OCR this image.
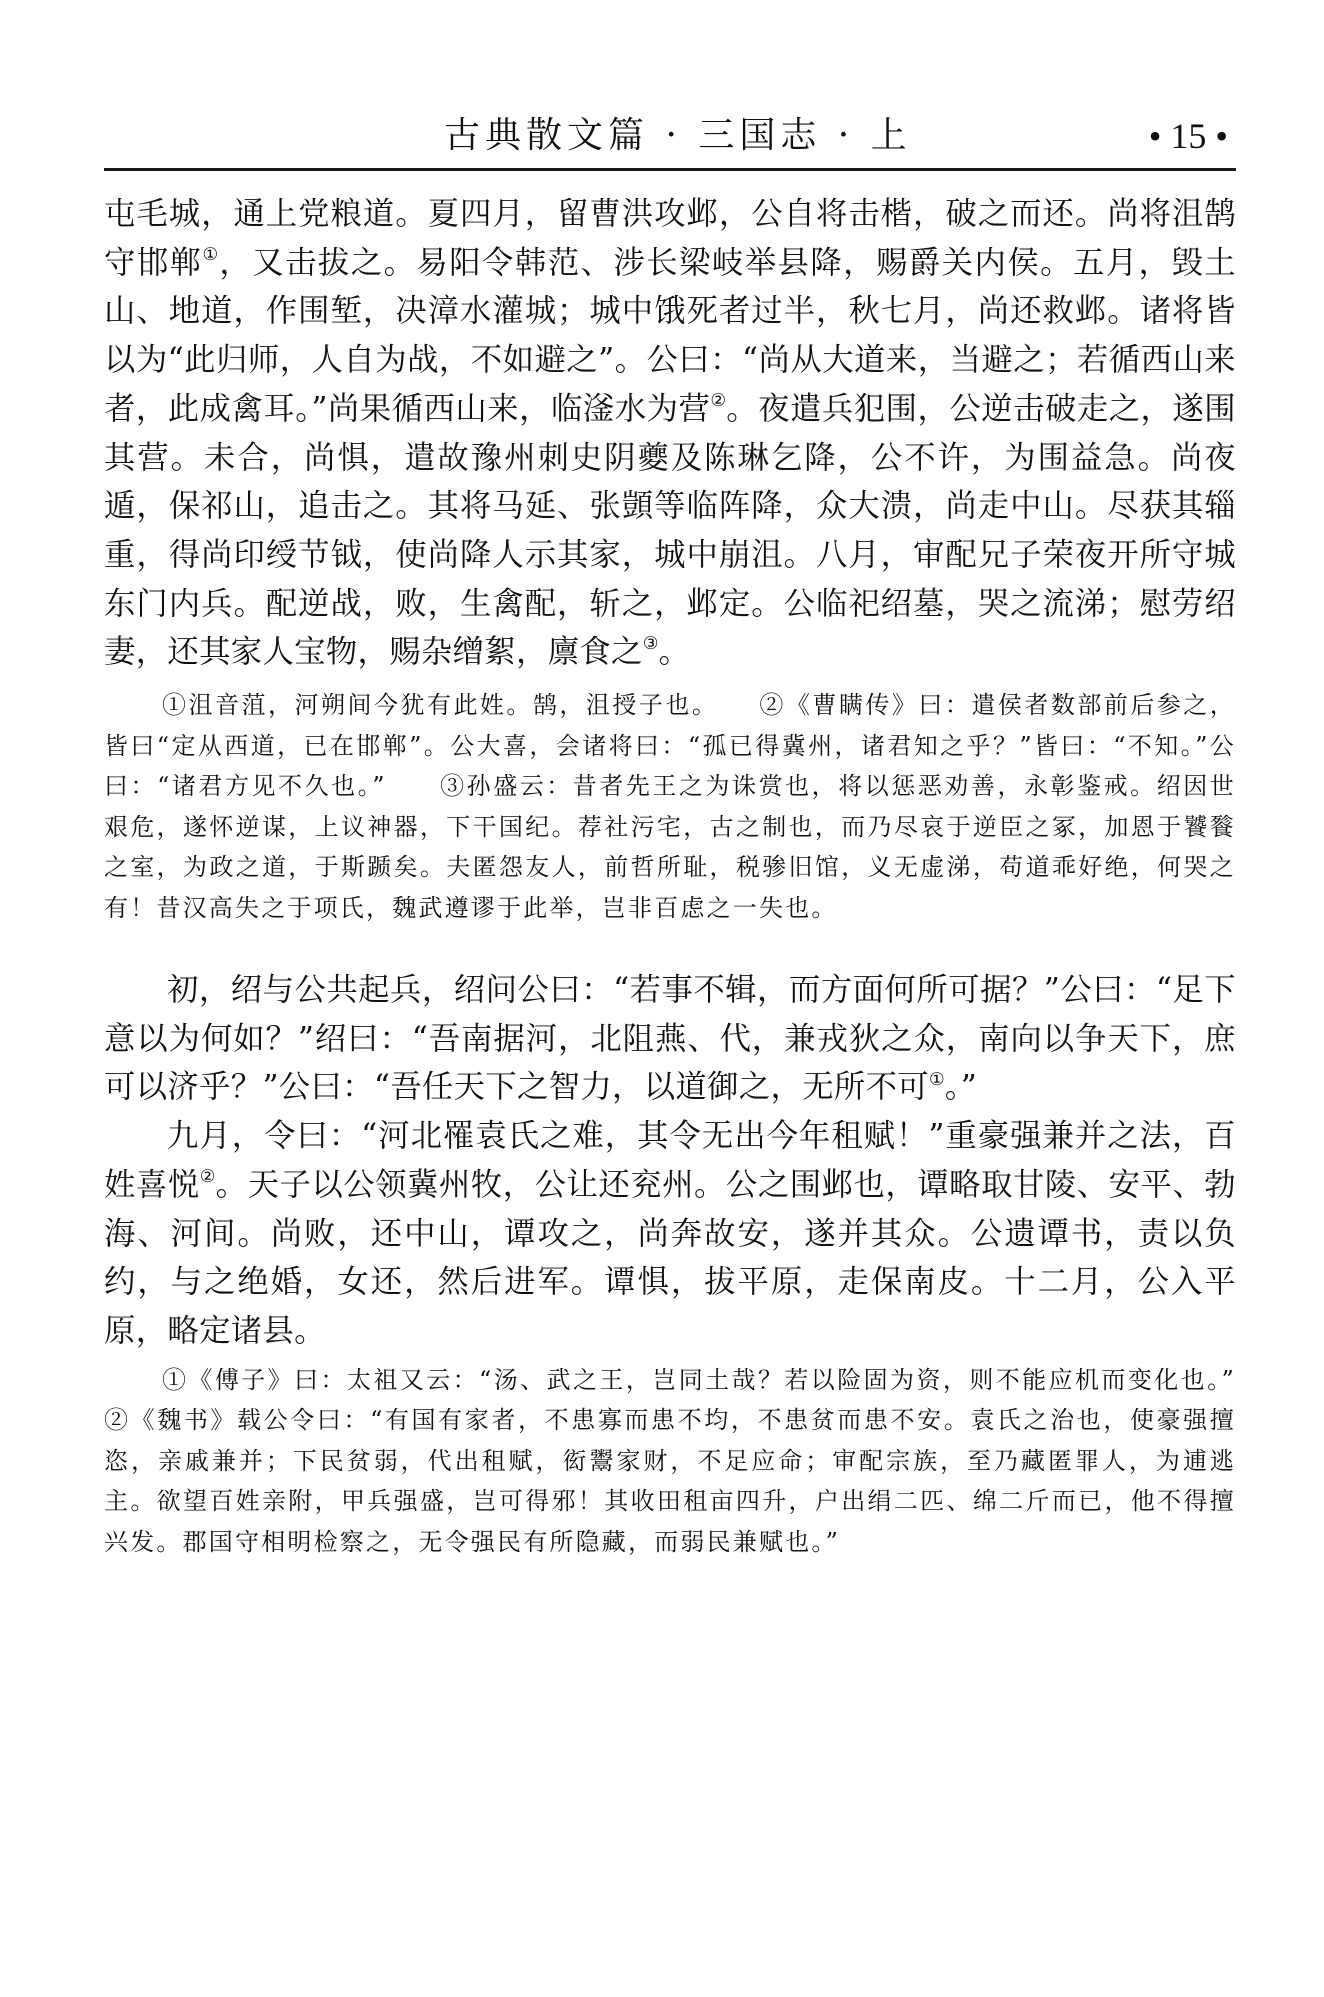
古典散文篇 · 三国志 · 上	• 15 •

屯毛城，通上党粮道。夏四月，留曹洪攻邺，公自将击楷，破之而还。尚将沮鹄守邯郸①，又击拔之。易阳令韩范、涉长梁岐举县降，赐爵关内侯。五月，毁土山、地道，作围堑，决漳水灌城；城中饿死者过半，秋七月，尚还救邺。诸将皆以为“此归师，人自为战，不如避之”。公曰：“尚从大道来，当避之；若循西山来者，此成禽耳。”尚果循西山来，临滏水为营②。夜遣兵犯围，公逆击破走之，遂围其营。未合，尚惧，遣故豫州刺史阴夔及陈琳乞降，公不许，为围益急。尚夜遁，保祁山，追击之。其将马延、张顗等临阵降，众大溃，尚走中山。尽获其辎重，得尚印绶节钺，使尚降人示其家，城中崩沮。八月，审配兄子荣夜开所守城东门内兵。配逆战，败，生禽配，斩之，邺定。公临祀绍墓，哭之流涕；慰劳绍妻，还其家人宝物，赐杂缯絮，廪食之③。

①沮音菹，河朔间今犹有此姓。鹄，沮授子也。　　 ②《曹瞒传》曰：遣侯者数部前后参之，皆曰“定从西道，已在邯郸”。公大喜，会诸将曰：“孤已得冀州，诸君知之乎？”皆曰：“不知。”公曰：“诸君方见不久也。”　　 ③孙盛云：昔者先王之为诛赏也，将以惩恶劝善，永彰鉴戒。绍因世艰危，遂怀逆谋，上议神器，下干国纪。荐社污宅，古之制也，而乃尽哀于逆臣之冢，加恩于饕餮之室，为政之道，于斯踬矣。夫匿怨友人，前哲所耻，税骖旧馆，义无虚涕，苟道乖好绝，何哭之有！昔汉高失之于项氏，魏武遵谬于此举，岂非百虑之一失也。

初，绍与公共起兵，绍问公曰：“若事不辑，而方面何所可据？”公曰：“足下意以为何如？”绍曰：“吾南据河，北阻燕、代，兼戎狄之众，南向以争天下，庶可以济乎？”公曰：“吾任天下之智力，以道御之，无所不可①。”

九月，令曰：“河北罹袁氏之难，其令无出今年租赋！”重豪强兼并之法，百姓喜悦②。天子以公领冀州牧，公让还兖州。公之围邺也，谭略取甘陵、安平、勃海、河间。尚败，还中山，谭攻之，尚奔故安，遂并其众。公遗谭书，责以负约，与之绝婚，女还，然后进军。谭惧，拔平原，走保南皮。十二月，公入平原，略定诸县。

①《傅子》曰：太祖又云：“汤、武之王，岂同土哉？若以险固为资，则不能应机而变化也。”　　②《魏书》载公令曰：“有国有家者，不患寡而患不均，不患贫而患不安。袁氏之治也，使豪强擅恣，亲戚兼并；下民贫弱，代出租赋，衒鬻家财，不足应命；审配宗族，至乃藏匿罪人，为逋逃主。欲望百姓亲附，甲兵强盛，岂可得邪！其收田租亩四升，户出绢二匹、绵二斤而已，他不得擅兴发。郡国守相明检察之，无令强民有所隐藏，而弱民兼赋也。”
